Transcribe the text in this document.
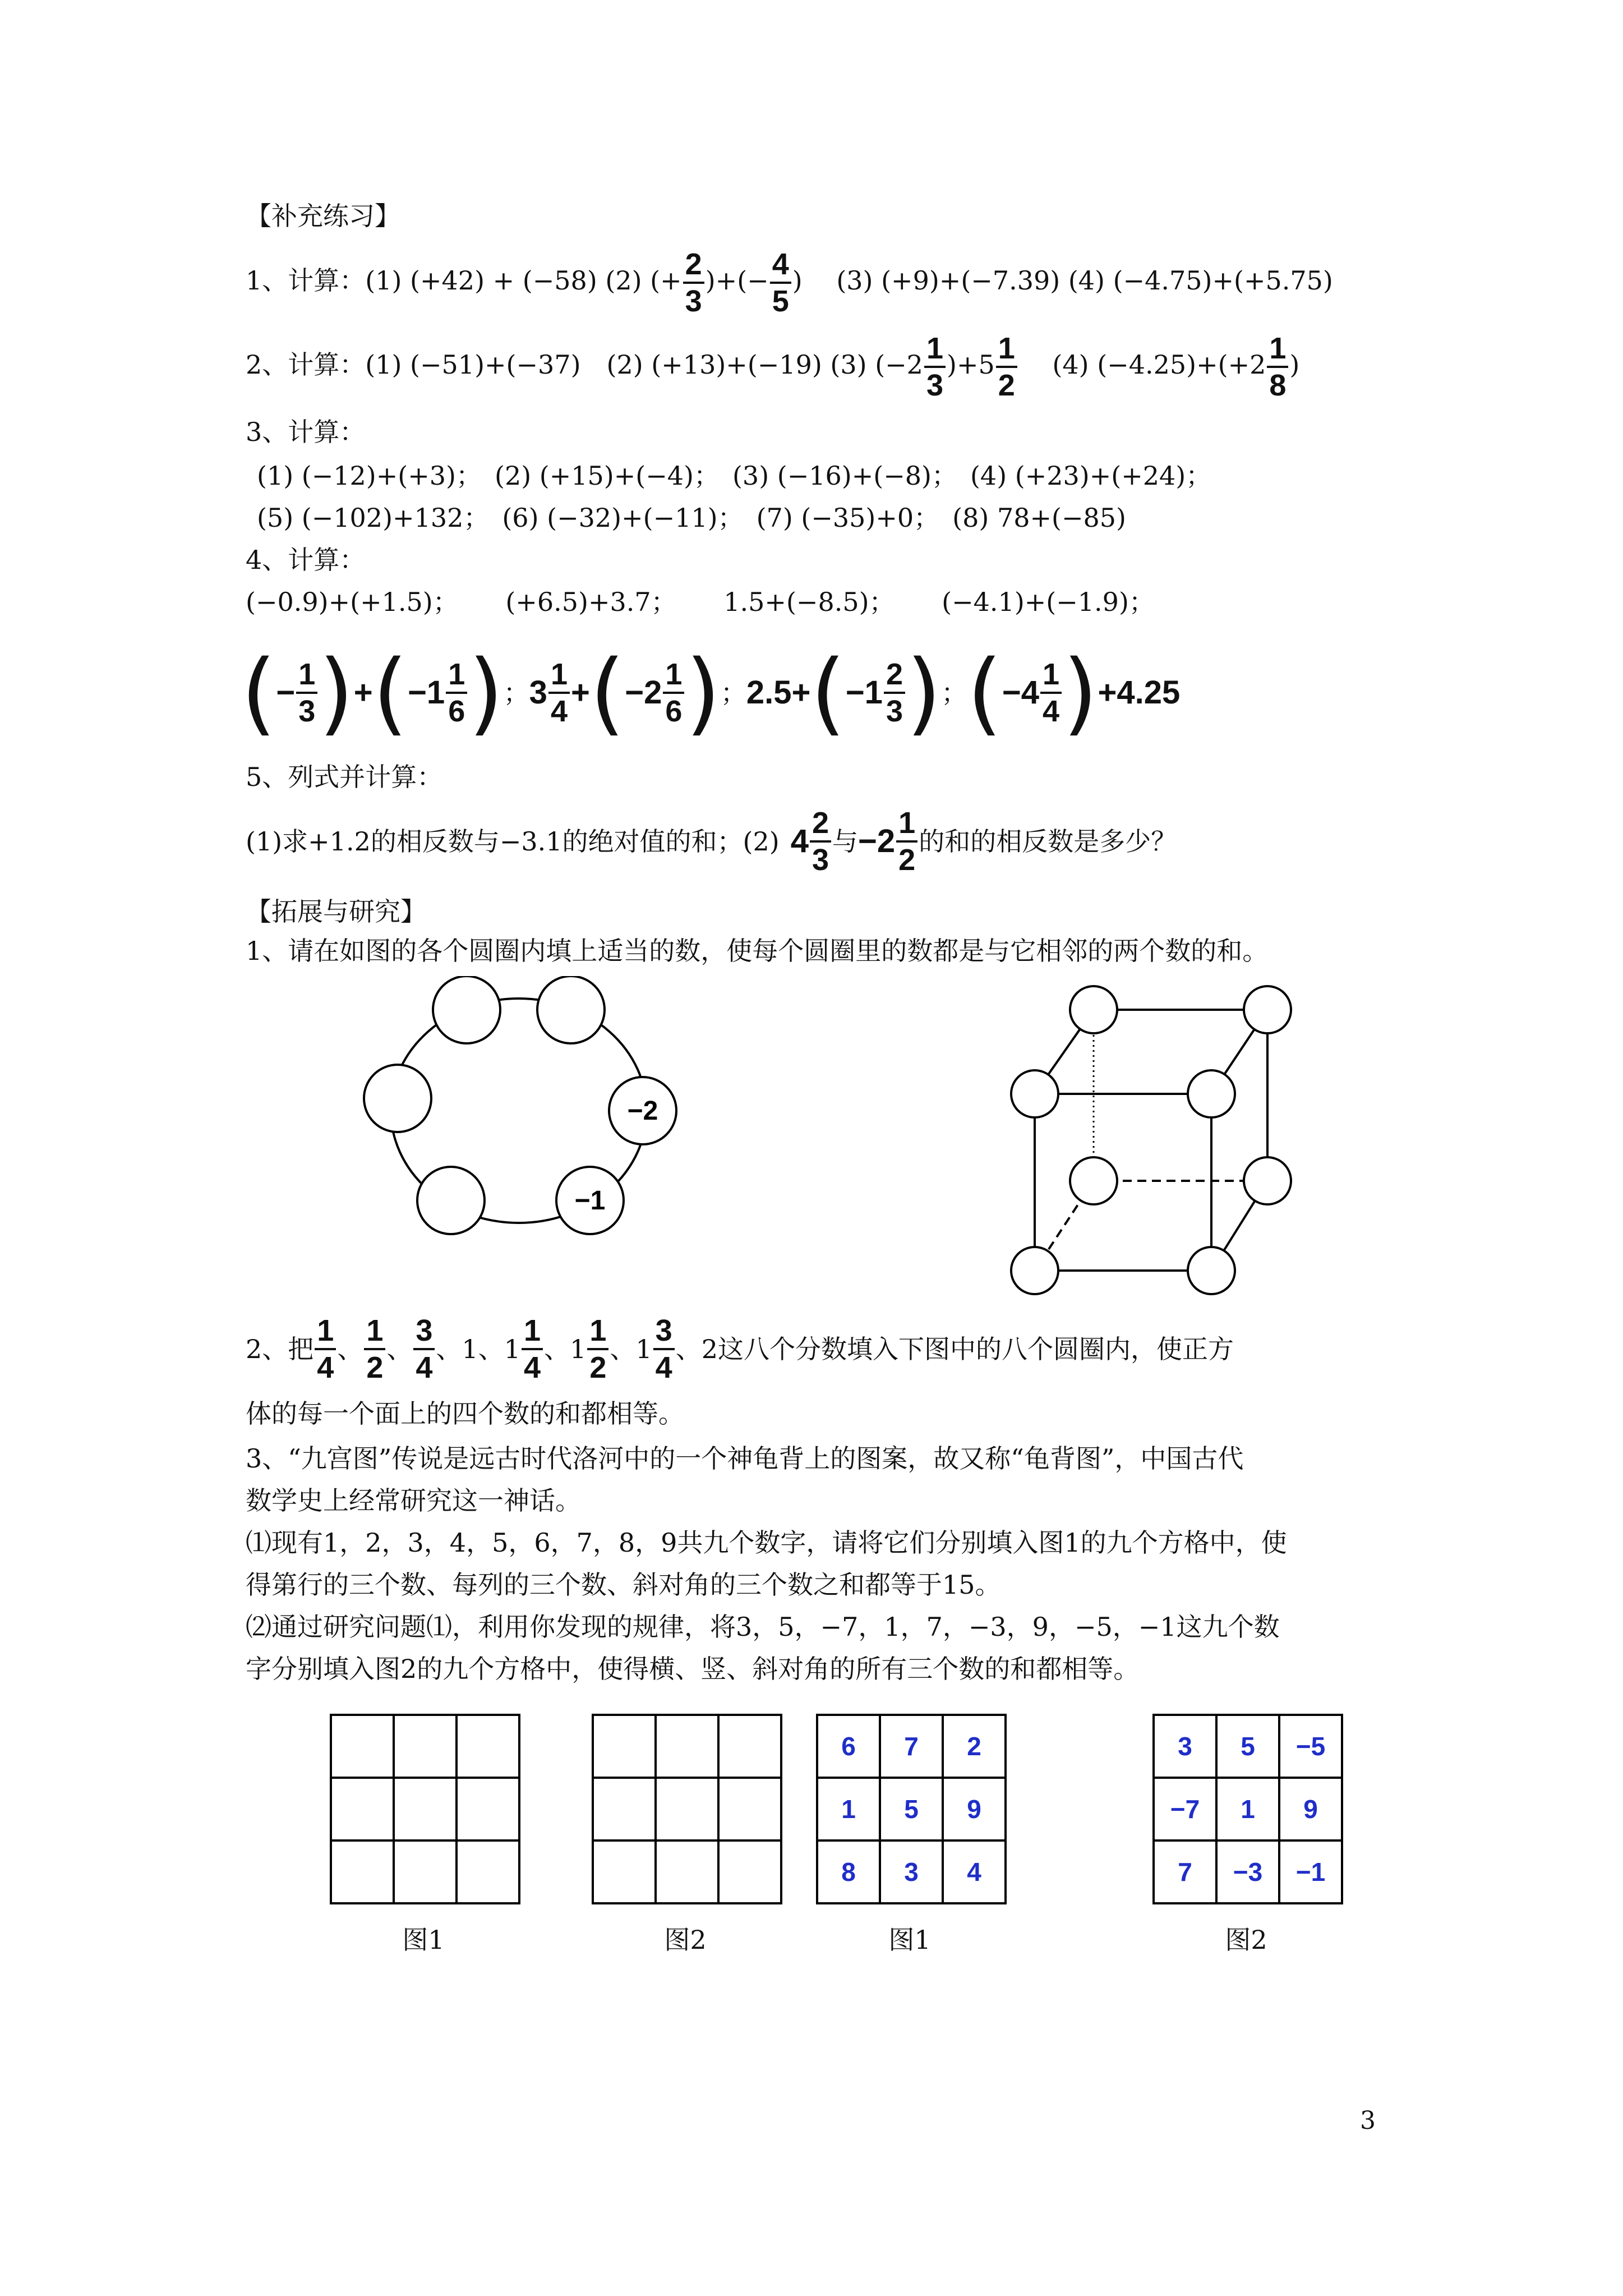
【补充练习】
1、计算：(1) (+42) + (−58) (2) (+ $\frac{2}{3}$ )+(− $\frac{4}{5}$ )　 (3) (+9)+(−7.39) (4) (−4.75)+(+5.75)
2、计算：(1) (−51)+(−37)　(2) (+13)+(−19) (3) $(-2 \frac{1}{3} )+5 \frac{1}{2}$ 　 (4) $(-4.25)+(+2 \frac{1}{8}$ )
3、计算：
(1) (−12)+(+3)；　(2) (+15)+(−4)；　(3) (−16)+(−8)；　(4) (+23)+(+24)；
(5) (−102)+132；　(6) (−32)+(−11)；　(7) (−35)+0；　(8) 78+(−85)
4、计算：
(−0.9)+(+1.5)；　　 (+6.5)+3.7；　　 1.5+(−8.5)；　　 (−4.1)+(−1.9)；
( − $\frac{1}{3}$ ) + ( $-1 \frac{1}{6}$ ) ； $3 \frac{1}{4}$ + ( $-2 \frac{1}{6}$ ) ； 2.5+ ( $-1 \frac{2}{3}$ ) ； ( $-4 \frac{1}{4}$ ) +4.25
5、列式并计算：
(1)求+1.2的相反数与−3.1的绝对值的和；(2) $4 \frac{2}{3}$ 与 $-2 \frac{1}{2}$ 的和的相反数是多少？
【拓展与研究】
1、请在如图的各个圆圈内填上适当的数，使每个圆圈里的数都是与它相邻的两个数的和。
−2
−1
2、把 $\frac{1}{4}$ 、 $\frac{1}{2}$ 、 $\frac{3}{4}$ 、 1 、 $1 \frac{1}{4}$ 、 $1 \frac{1}{2}$ 、 $1 \frac{3}{4}$ 、2这八个分数填入下图中的八个圆圈内，使正方
体的每一个面上的四个数的和都相等。
3、“九宫图”传说是远古时代洛河中的一个神龟背上的图案，故又称“龟背图”，中国古代
数学史上经常研究这一神话。
⑴现有1，2，3，4，5，6，7，8，9共九个数字，请将它们分别填入图1的九个方格中，使
得第行的三个数、每列的三个数、斜对角的三个数之和都等于15。
⑵通过研究问题⑴，利用你发现的规律，将3，5，−7，1，7，−3，9，−5，−1这九个数
字分别填入图2的九个方格中，使得横、竖、斜对角的所有三个数的和都相等。

6	7	2
1	5	9
8	3	4
3	5	−5
−7	1	9
7	−3	−1
图1	图2	图1	图2
3
